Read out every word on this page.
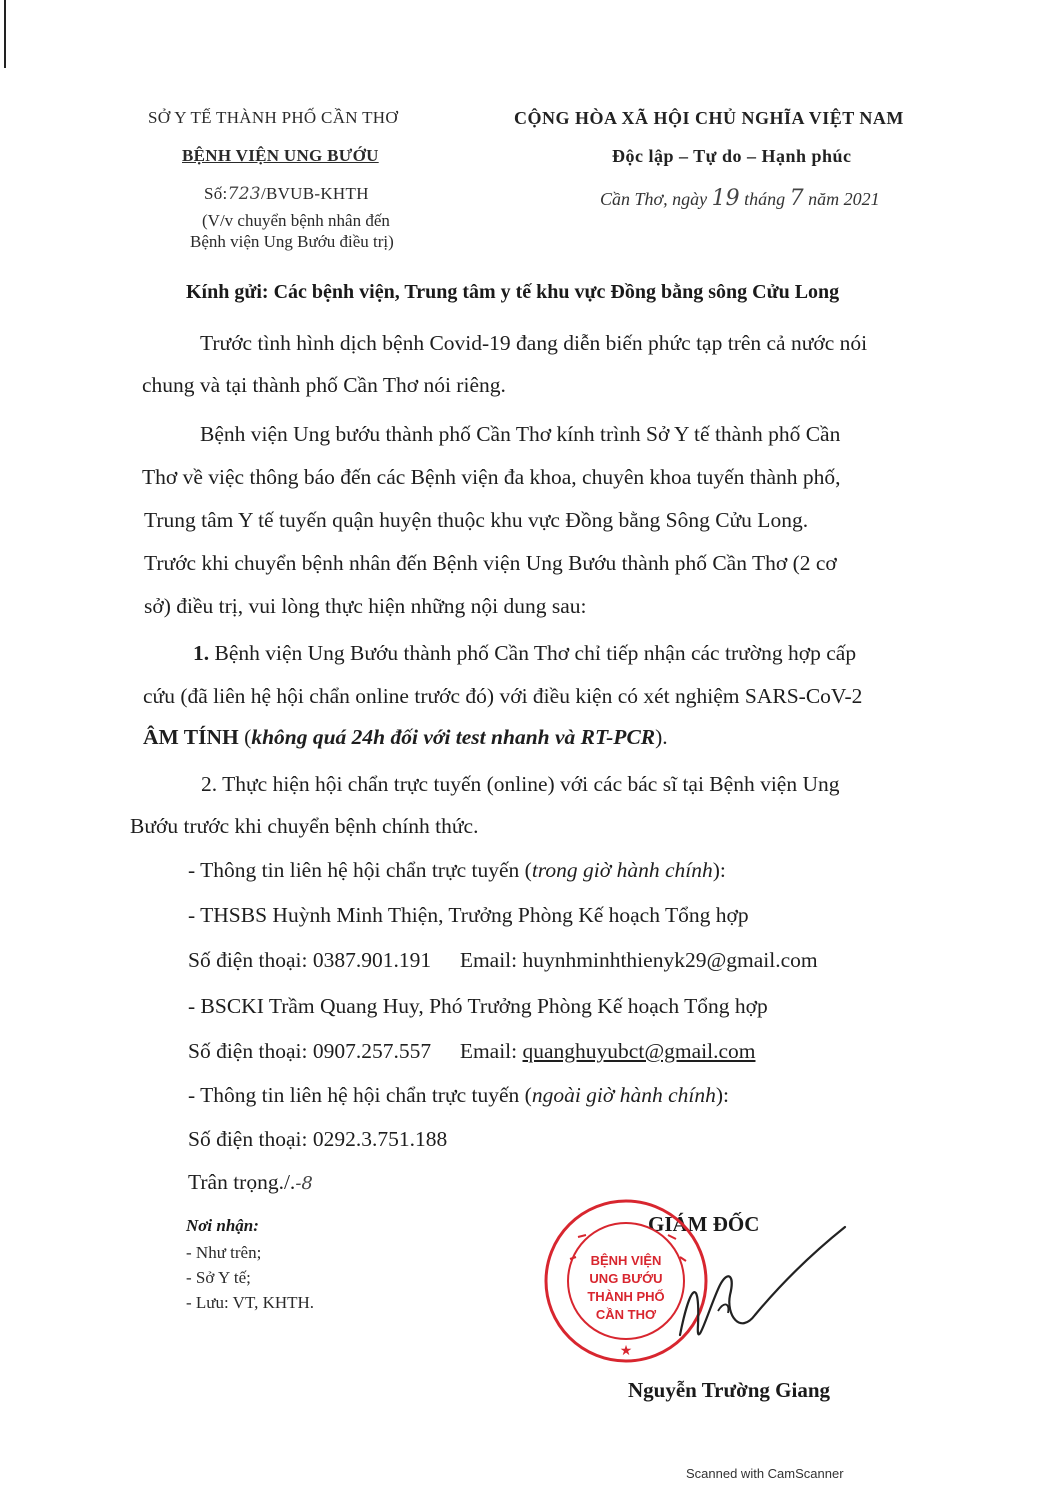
SỞ Y TẾ THÀNH PHỐ CẦN THƠ
BỆNH VIỆN UNG BƯỚU
Số:723/BVUB-KHTH
(V/v chuyển bệnh nhân đến
Bệnh viện Ung Bướu điều trị)
CỘNG HÒA XÃ HỘI CHỦ NGHĨA VIỆT NAM
Độc lập – Tự do – Hạnh phúc
Cần Thơ, ngày 19 tháng 7 năm 2021
Kính gửi: Các bệnh viện, Trung tâm y tế khu vực Đồng bằng sông Cửu Long
Trước tình hình dịch bệnh Covid-19 đang diễn biến phức tạp trên cả nước nói
chung và tại thành phố Cần Thơ nói riêng.
Bệnh viện Ung bướu thành phố Cần Thơ kính trình Sở Y tế thành phố Cần
Thơ về việc thông báo đến các Bệnh viện đa khoa, chuyên khoa tuyến thành phố,
Trung tâm Y tế tuyến quận huyện thuộc khu vực Đồng bằng Sông Cửu Long.
Trước khi chuyển bệnh nhân đến Bệnh viện Ung Bướu thành phố Cần Thơ (2 cơ
sở) điều trị, vui lòng thực hiện những nội dung sau:
1. Bệnh viện Ung Bướu thành phố Cần Thơ chỉ tiếp nhận các trường hợp cấp
cứu (đã liên hệ hội chẩn online trước đó) với điều kiện có xét nghiệm SARS-CoV-2
ÂM TÍNH (không quá 24h đối với test nhanh và RT-PCR).
2. Thực hiện hội chẩn trực tuyến (online) với các bác sĩ tại Bệnh viện Ung
Bướu trước khi chuyển bệnh chính thức.
- Thông tin liên hệ hội chẩn trực tuyến (trong giờ hành chính):
- THSBS Huỳnh Minh Thiện, Trưởng Phòng Kế hoạch Tổng hợp
Số điện thoại: 0387.901.191 Email: huynhminhthienyk29@gmail.com
- BSCKI Trầm Quang Huy, Phó Trưởng Phòng Kế hoạch Tổng hợp
Số điện thoại: 0907.257.557 Email: quanghuyubct@gmail.com
- Thông tin liên hệ hội chẩn trực tuyến (ngoài giờ hành chính):
Số điện thoại: 0292.3.751.188
Trân trọng./.-8
Nơi nhận:
- Như trên;
- Sở Y tế;
- Lưu: VT, KHTH.
GIÁM ĐỐC
BỆNH VIỆN
UNG BƯỚU
THÀNH PHỐ
CẦN THƠ
★
Nguyễn Trường Giang
Scanned with CamScanner
